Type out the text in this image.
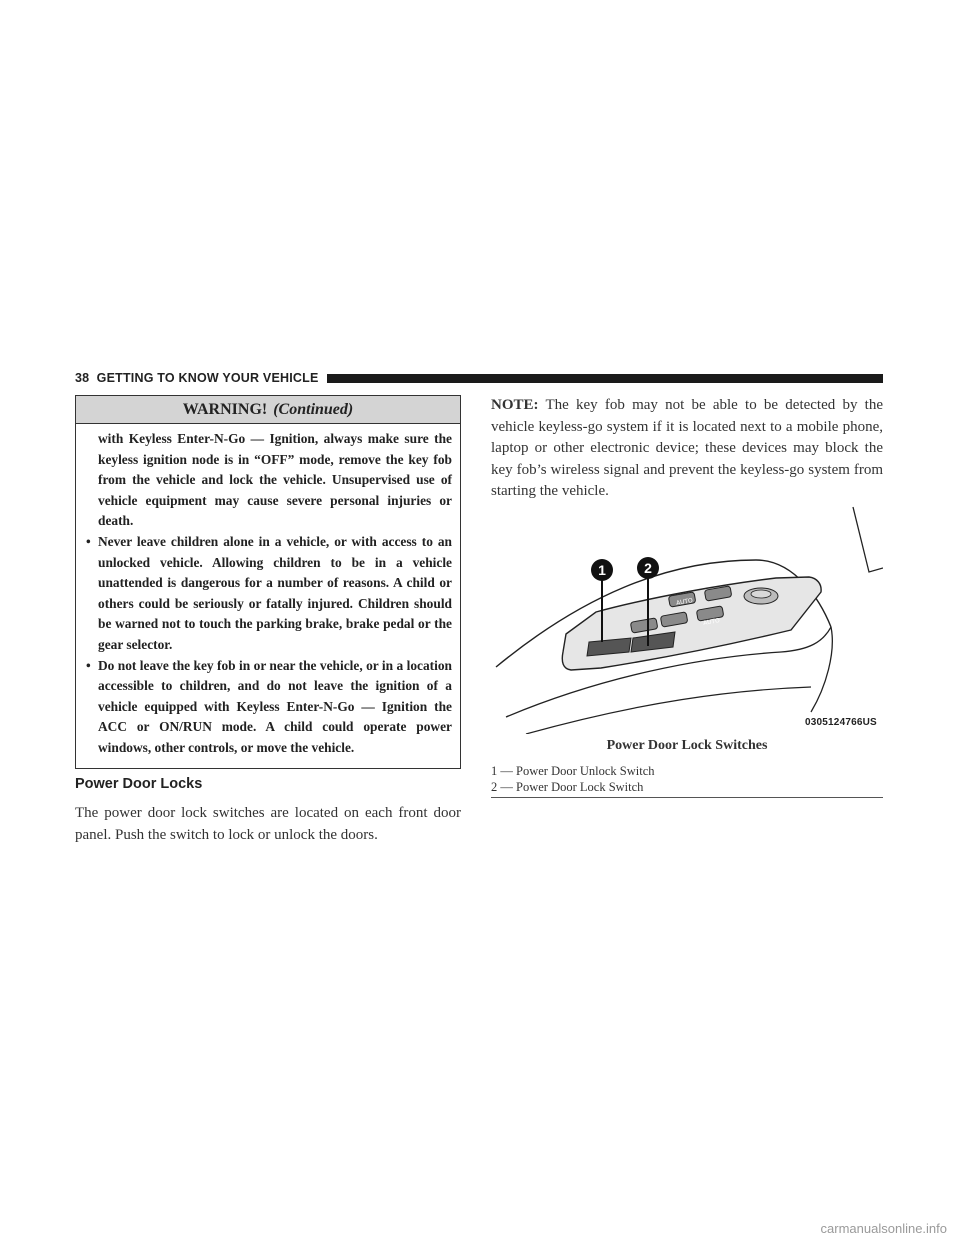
38 GETTING TO KNOW YOUR VEHICLE
WARNING! (Continued)

with Keyless Enter-N-Go — Ignition, always make sure the keyless ignition node is in “OFF” mode, remove the key fob from the vehicle and lock the vehicle. Unsupervised use of vehicle equipment may cause severe personal injuries or death.

• Never leave children alone in a vehicle, or with access to an unlocked vehicle. Allowing children to be in a vehicle unattended is dangerous for a number of reasons. A child or others could be seriously or fatally injured. Children should be warned not to touch the parking brake, brake pedal or the gear selector.
• Do not leave the key fob in or near the vehicle, or in a location accessible to children, and do not leave the ignition of a vehicle equipped with Keyless Enter-N-Go — Ignition the ACC or ON/RUN mode. A child could operate power windows, other controls, or move the vehicle.
Power Door Locks

The power door lock switches are located on each front door panel. Push the switch to lock or unlock the doors.

NOTE: The key fob may not be able to be detected by the vehicle keyless-go system if it is located next to a mobile phone, laptop or other electronic device; these devices may block the key fob’s wireless signal and prevent the keyless-go system from starting the vehicle.

AUTO
AUTO
1	2
0305124766US
Power Door Lock Switches
1 — Power Door Unlock Switch
2 — Power Door Lock Switch
carmanualsonline.info
